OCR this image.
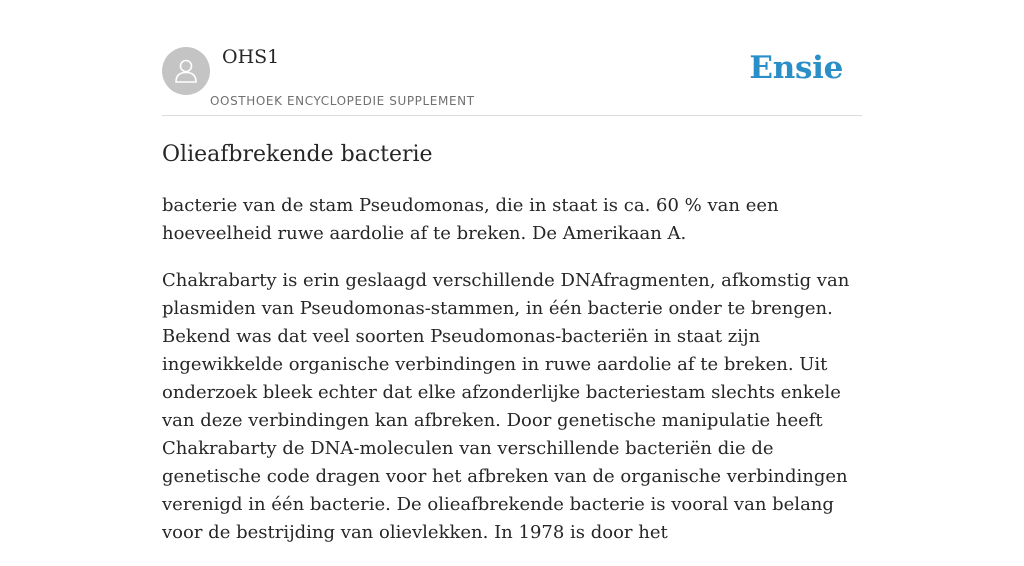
OHS1
OOSTHOEK ENCYCLOPEDIE SUPPLEMENT
Ensie
Olieafbrekende bacterie

bacterie van de stam Pseudomonas, die in staat is ca. 60 % van een hoeveelheid ruwe aardolie af te breken. De Amerikaan A.

Chakrabarty is erin geslaagd verschillende DNAfragmenten, afkomstig van plasmiden van Pseudomonas-stammen, in één bacterie onder te brengen. Bekend was dat veel soorten Pseudomonas-bacteriën in staat zijn ingewikkelde organische verbindingen in ruwe aardolie af te breken. Uit onderzoek bleek echter dat elke afzonderlijke bacteriestam slechts enkele van deze verbindingen kan afbreken. Door genetische manipulatie heeft Chakrabarty de DNA-moleculen van verschillende bacteriën die de genetische code dragen voor het afbreken van de organische verbindingen verenigd in één bacterie. De olieafbrekende bacterie is vooral van belang voor de bestrijding van olievlekken. In 1978 is door het
